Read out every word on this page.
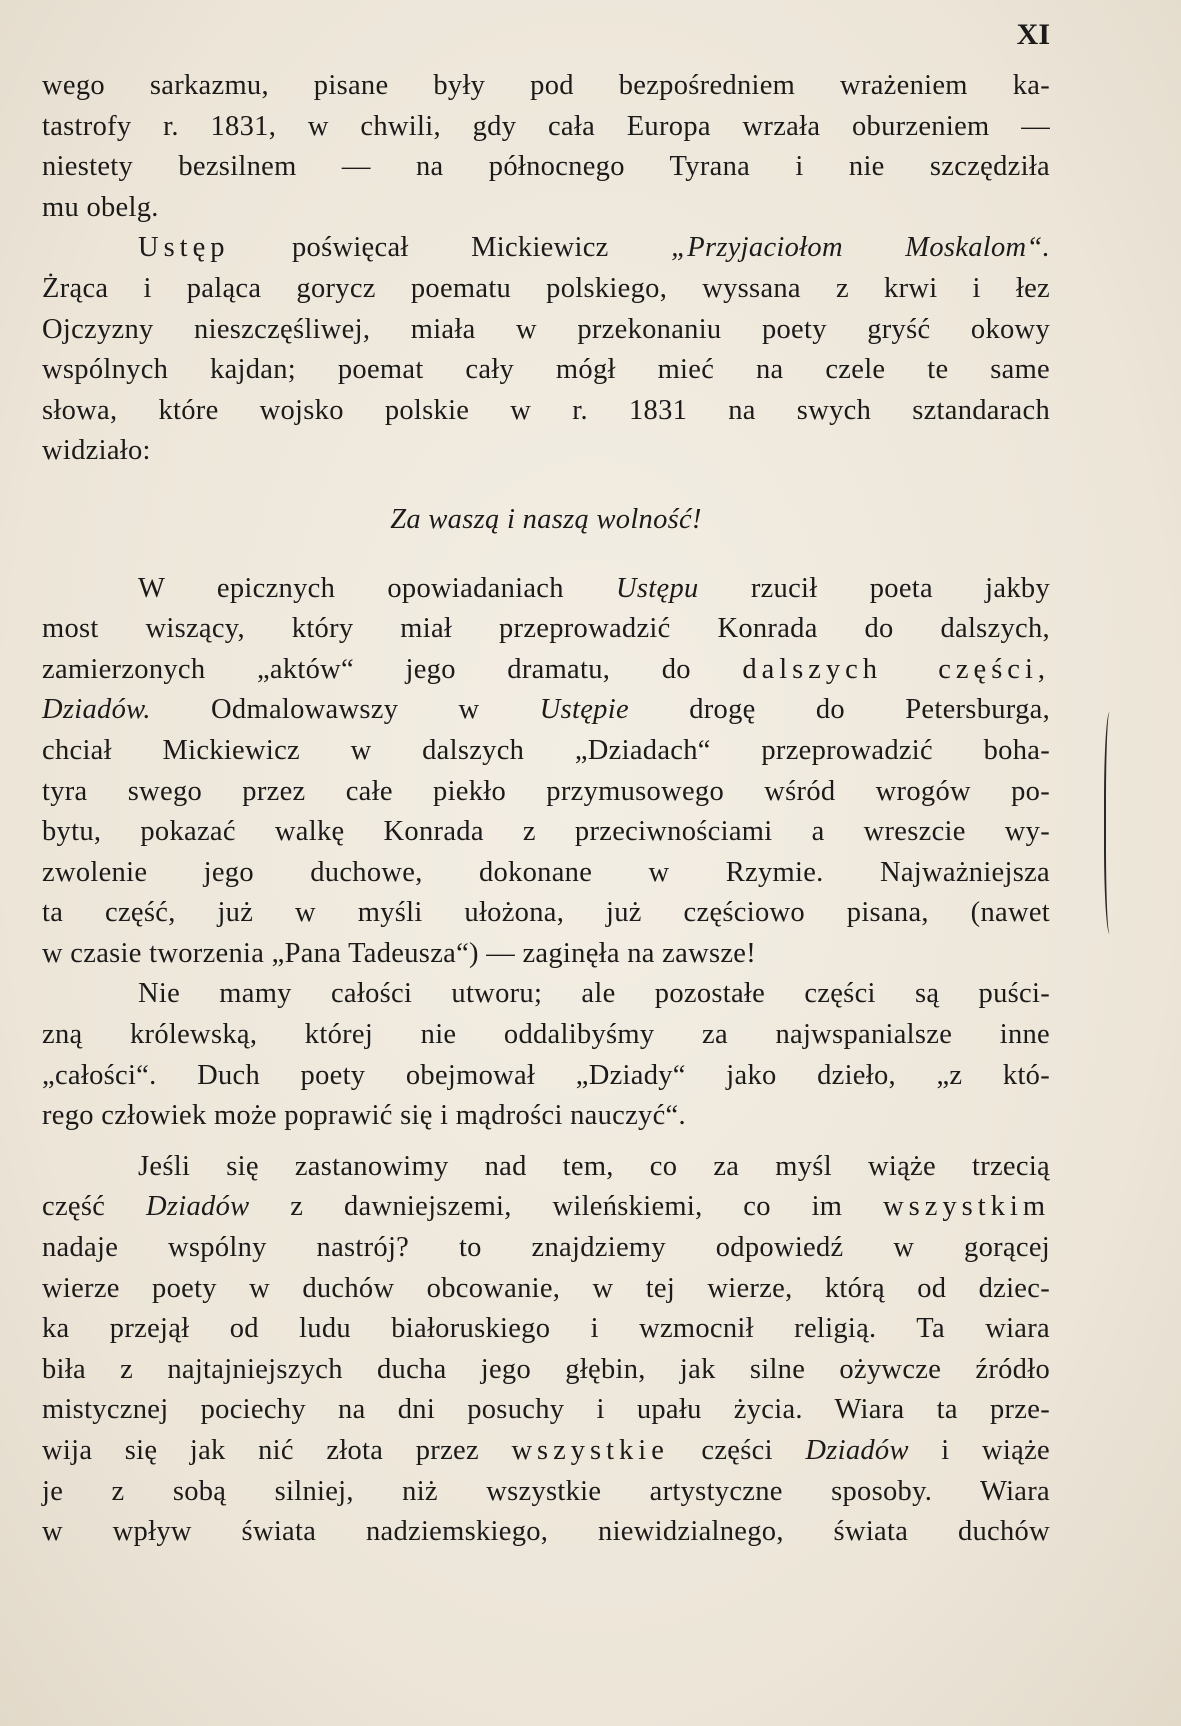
XI
wego sarkazmu, pisane były pod bezpośredniem wrażeniem ka-
tastrofy r. 1831, w chwili, gdy cała Europa wrzała oburzeniem —
niestety bezsilnem — na północnego Tyrana i nie szczędziła
mu obelg.
Ustęp poświęcał Mickiewicz „Przyjaciołom Moskalom“.
Żrąca i paląca gorycz poematu polskiego, wyssana z krwi i łez
Ojczyzny nieszczęśliwej, miała w przekonaniu poety gryść okowy
wspólnych kajdan; poemat cały mógł mieć na czele te same
słowa, które wojsko polskie w r. 1831 na swych sztandarach
widziało:
Za waszą i naszą wolność!
W epicznych opowiadaniach Ustępu rzucił poeta jakby
most wiszący, który miał przeprowadzić Konrada do dalszych,
zamierzonych „aktów“ jego dramatu, do dalszych części,
Dziadów. Odmalowawszy w Ustępie drogę do Petersburga,
chciał Mickiewicz w dalszych „Dziadach“ przeprowadzić boha-
tyra swego przez całe piekło przymusowego wśród wrogów po-
bytu, pokazać walkę Konrada z przeciwnościami a wreszcie wy-
zwolenie jego duchowe, dokonane w Rzymie. Najważniejsza
ta część, już w myśli ułożona, już częściowo pisana, (nawet
w czasie tworzenia „Pana Tadeusza“) — zaginęła na zawsze!
Nie mamy całości utworu; ale pozostałe części są puści-
zną królewską, której nie oddalibyśmy za najwspanialsze inne
„całości“. Duch poety obejmował „Dziady“ jako dzieło, „z któ-
rego człowiek może poprawić się i mądrości nauczyć“.
Jeśli się zastanowimy nad tem, co za myśl wiąże trzecią
część Dziadów z dawniejszemi, wileńskiemi, co im wszystkim
nadaje wspólny nastrój? to znajdziemy odpowiedź w gorącej
wierze poety w duchów obcowanie, w tej wierze, którą od dziec-
ka przejął od ludu białoruskiego i wzmocnił religią. Ta wiara
biła z najtajniejszych ducha jego głębin, jak silne ożywcze źródło
mistycznej pociechy na dni posuchy i upału życia. Wiara ta prze-
wija się jak nić złota przez wszystkie części Dziadów i wiąże
je z sobą silniej, niż wszystkie artystyczne sposoby. Wiara
w wpływ świata nadziemskiego, niewidzialnego, świata duchów
